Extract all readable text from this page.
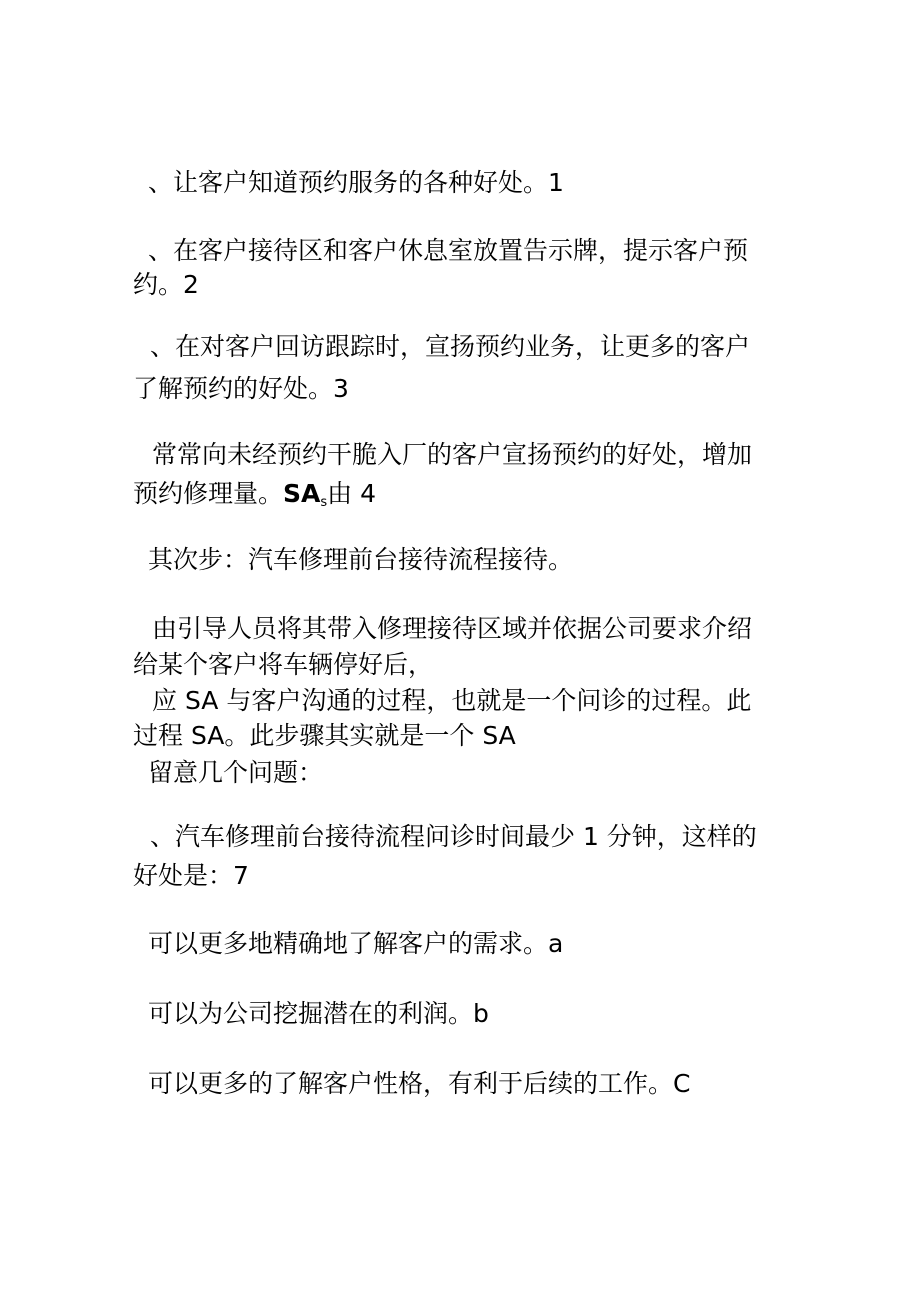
、让客户知道预约服务的各种好处。1
、在客户接待区和客户休息室放置告示牌，提示客户预
约。2
、在对客户回访跟踪时，宣扬预约业务，让更多的客户
了解预约的好处。3
常常向未经预约干脆入厂的客户宣扬预约的好处，增加
预约修理量。$SA_s$由 4
其次步：汽车修理前台接待流程接待。
由引导人员将其带入修理接待区域并依据公司要求介绍
给某个客户将车辆停好后，
应 SA 与客户沟通的过程，也就是一个问诊的过程。此
过程 SA。此步骤其实就是一个 SA
留意几个问题：
、汽车修理前台接待流程问诊时间最少 1 分钟，这样的
好处是：7
可以更多地精确地了解客户的需求。a
可以为公司挖掘潜在的利润。b
可以更多的了解客户性格，有利于后续的工作。C
